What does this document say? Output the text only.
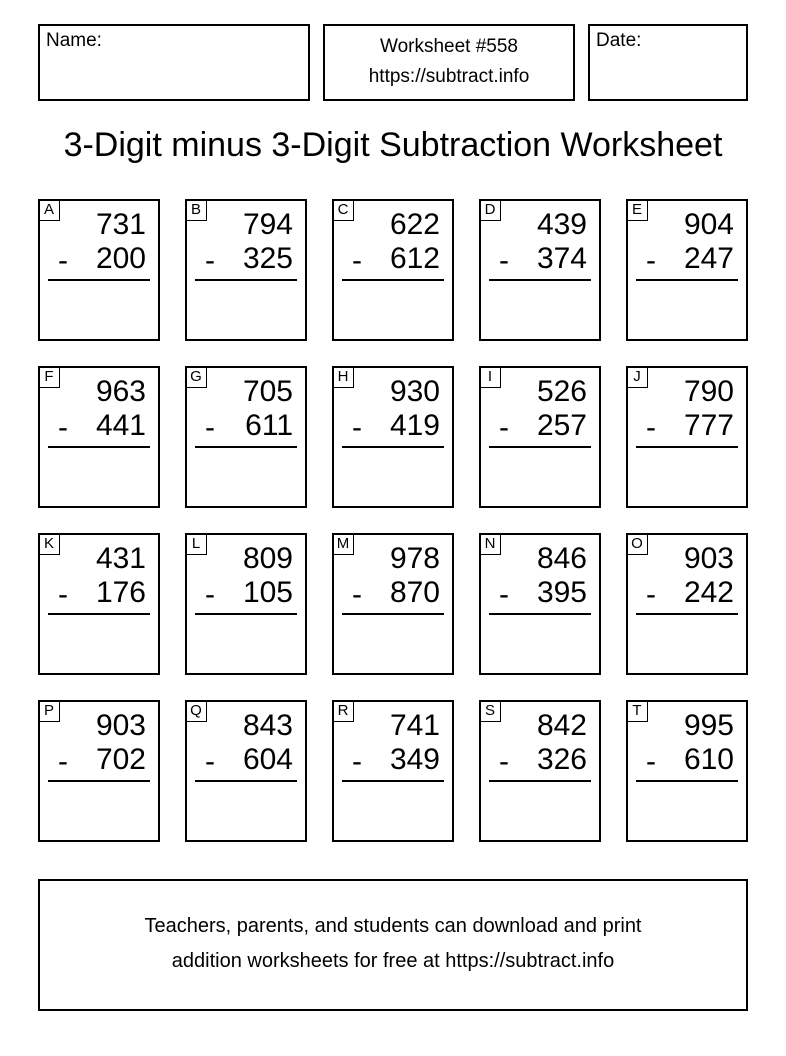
Name:	Worksheet #558
https://subtract.info
Date:
3-Digit minus 3-Digit Subtraction Worksheet
A 731
- 200
B 794
- 325
C 622
- 612
D 439
- 374
E 904
- 247
F 963
- 441
G 705
- 611
H 930
- 419
I 526
- 257
J 790
- 777
K 431
- 176
L 809
- 105
M 978
- 870
N 846
- 395
O 903
- 242
P 903
- 702
Q 843
- 604
R 741
- 349
S 842
- 326
T 995
- 610
Teachers, parents, and students can download and print
addition worksheets for free at https://subtract.info
